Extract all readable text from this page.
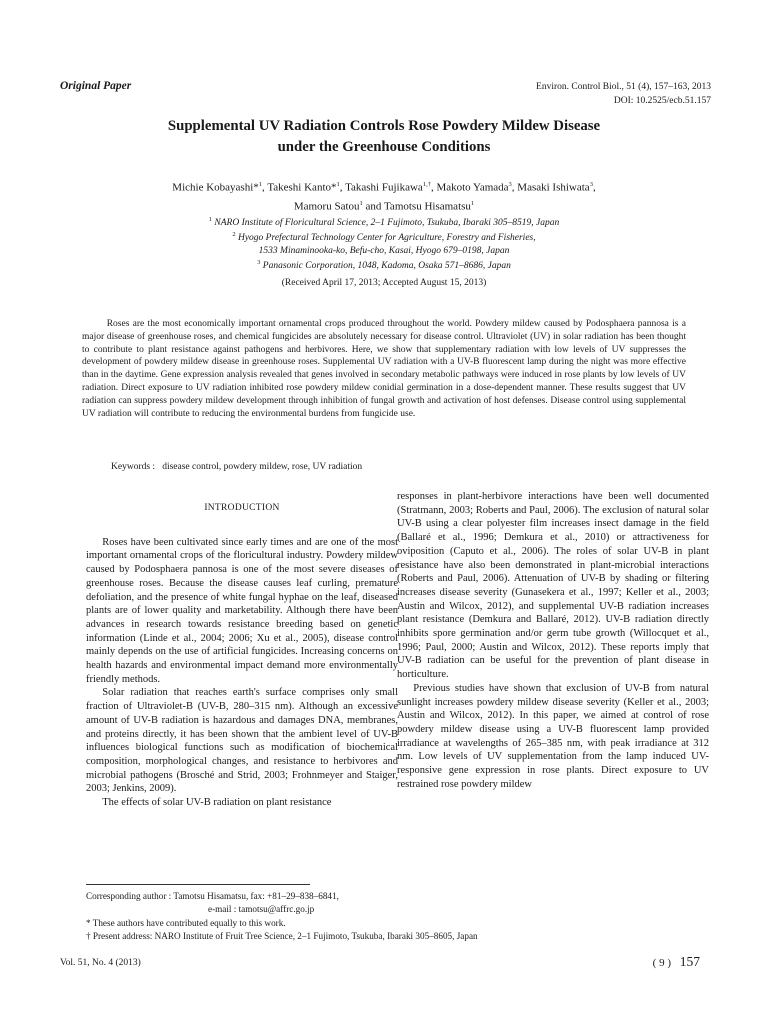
Original Paper	Environ. Control Biol., 51 (4), 157–163, 2013
DOI: 10.2525/ecb.51.157
Supplemental UV Radiation Controls Rose Powdery Mildew Disease
under the Greenhouse Conditions
Michie Kobayashi*$^1$, Takeshi Kanto*$^1$, Takashi Fujikawa$^{1,\dagger}$, Makoto Yamada$^3$, Masaki Ishiwata$^3$,
Mamoru Satou$^1$ and Tamotsu Hisamatsu$^1$
$^1$ NARO Institute of Floricultural Science, 2–1 Fujimoto, Tsukuba, Ibaraki 305–8519, Japan
$^2$ Hyogo Prefectural Technology Center for Agriculture, Forestry and Fisheries,
1533 Minaminooka-ko, Befu-cho, Kasai, Hyogo 679–0198, Japan
$^3$ Panasonic Corporation, 1048, Kadoma, Osaka 571–8686, Japan
(Received April 17, 2013; Accepted August 15, 2013)

Roses are the most economically important ornamental crops produced throughout the world. Powdery mildew caused by Podosphaera pannosa is a major disease of greenhouse roses, and chemical fungicides are absolutely necessary for disease control. Ultraviolet (UV) in solar radiation has been thought to contribute to plant resistance against pathogens and herbivores. Here, we show that supplementary radiation with low levels of UV suppresses the development of powdery mildew disease in greenhouse roses. Supplemental UV radiation with a UV-B fluorescent lamp during the night was more effective than in the daytime. Gene expression analysis revealed that genes involved in secondary metabolic pathways were induced in rose plants by low levels of UV radiation. Direct exposure to UV radiation inhibited rose powdery mildew conidial germination in a dose-dependent manner. These results suggest that UV radiation can suppress powdery mildew development through inhibition of fungal growth and activation of host defenses. Disease control using supplemental UV radiation will contribute to reducing the environmental burdens from fungicide use.

Keywords : disease control, powdery mildew, rose, UV radiation

INTRODUCTION

Roses have been cultivated since early times and are one of the most important ornamental crops of the floricultural industry. Powdery mildew caused by Podosphaera pannosa is one of the most severe diseases of greenhouse roses. Because the disease causes leaf curling, premature defoliation, and the presence of white fungal hyphae on the leaf, diseased plants are of lower quality and marketability. Although there have been advances in research towards resistance breeding based on genetic information (Linde et al., 2004; 2006; Xu et al., 2005), disease control mainly depends on the use of artificial fungicides. Increasing concerns on health hazards and environmental impact demand more environmentally friendly methods.

Solar radiation that reaches earth's surface comprises only small fraction of Ultraviolet-B (UV-B, 280–315 nm). Although an excessive amount of UV-B radiation is hazardous and damages DNA, membranes, and proteins directly, it has been shown that the ambient level of UV-B influences biological functions such as modification of biochemical composition, morphological changes, and resistance to herbivores and microbial pathogens (Brosché and Strid, 2003; Frohnmeyer and Staiger, 2003; Jenkins, 2009).

The effects of solar UV-B radiation on plant resistance

responses in plant-herbivore interactions have been well documented (Stratmann, 2003; Roberts and Paul, 2006). The exclusion of natural solar UV-B using a clear polyester film increases insect damage in the field (Ballaré et al., 1996; Demkura et al., 2010) or attractiveness for oviposition (Caputo et al., 2006). The roles of solar UV-B in plant resistance have also been demonstrated in plant-microbial interactions (Roberts and Paul, 2006). Attenuation of UV-B by shading or filtering increases disease severity (Gunasekera et al., 1997; Keller et al., 2003; Austin and Wilcox, 2012), and supplemental UV-B radiation increases plant resistance (Demkura and Ballaré, 2012). UV-B radiation directly inhibits spore germination and/or germ tube growth (Willocquet et al., 1996; Paul, 2000; Austin and Wilcox, 2012). These reports imply that UV-B radiation can be useful for the prevention of plant disease in horticulture.

Previous studies have shown that exclusion of UV-B from natural sunlight increases powdery mildew disease severity (Keller et al., 2003; Austin and Wilcox, 2012). In this paper, we aimed at control of rose powdery mildew disease using a UV-B fluorescent lamp provided irradiance at wavelengths of 265–385 nm, with peak irradiance at 312 nm. Low levels of UV supplementation from the lamp induced UV-responsive gene expression in rose plants. Direct exposure to UV restrained rose powdery mildew

Corresponding author : Tamotsu Hisamatsu, fax: +81–29–838–6841,
e-mail : tamotsu@affrc.go.jp
* These authors have contributed equally to this work.
† Present address: NARO Institute of Fruit Tree Science, 2–1 Fujimoto, Tsukuba, Ibaraki 305–8605, Japan
Vol. 51, No. 4 (2013)	( 9 ) 157
